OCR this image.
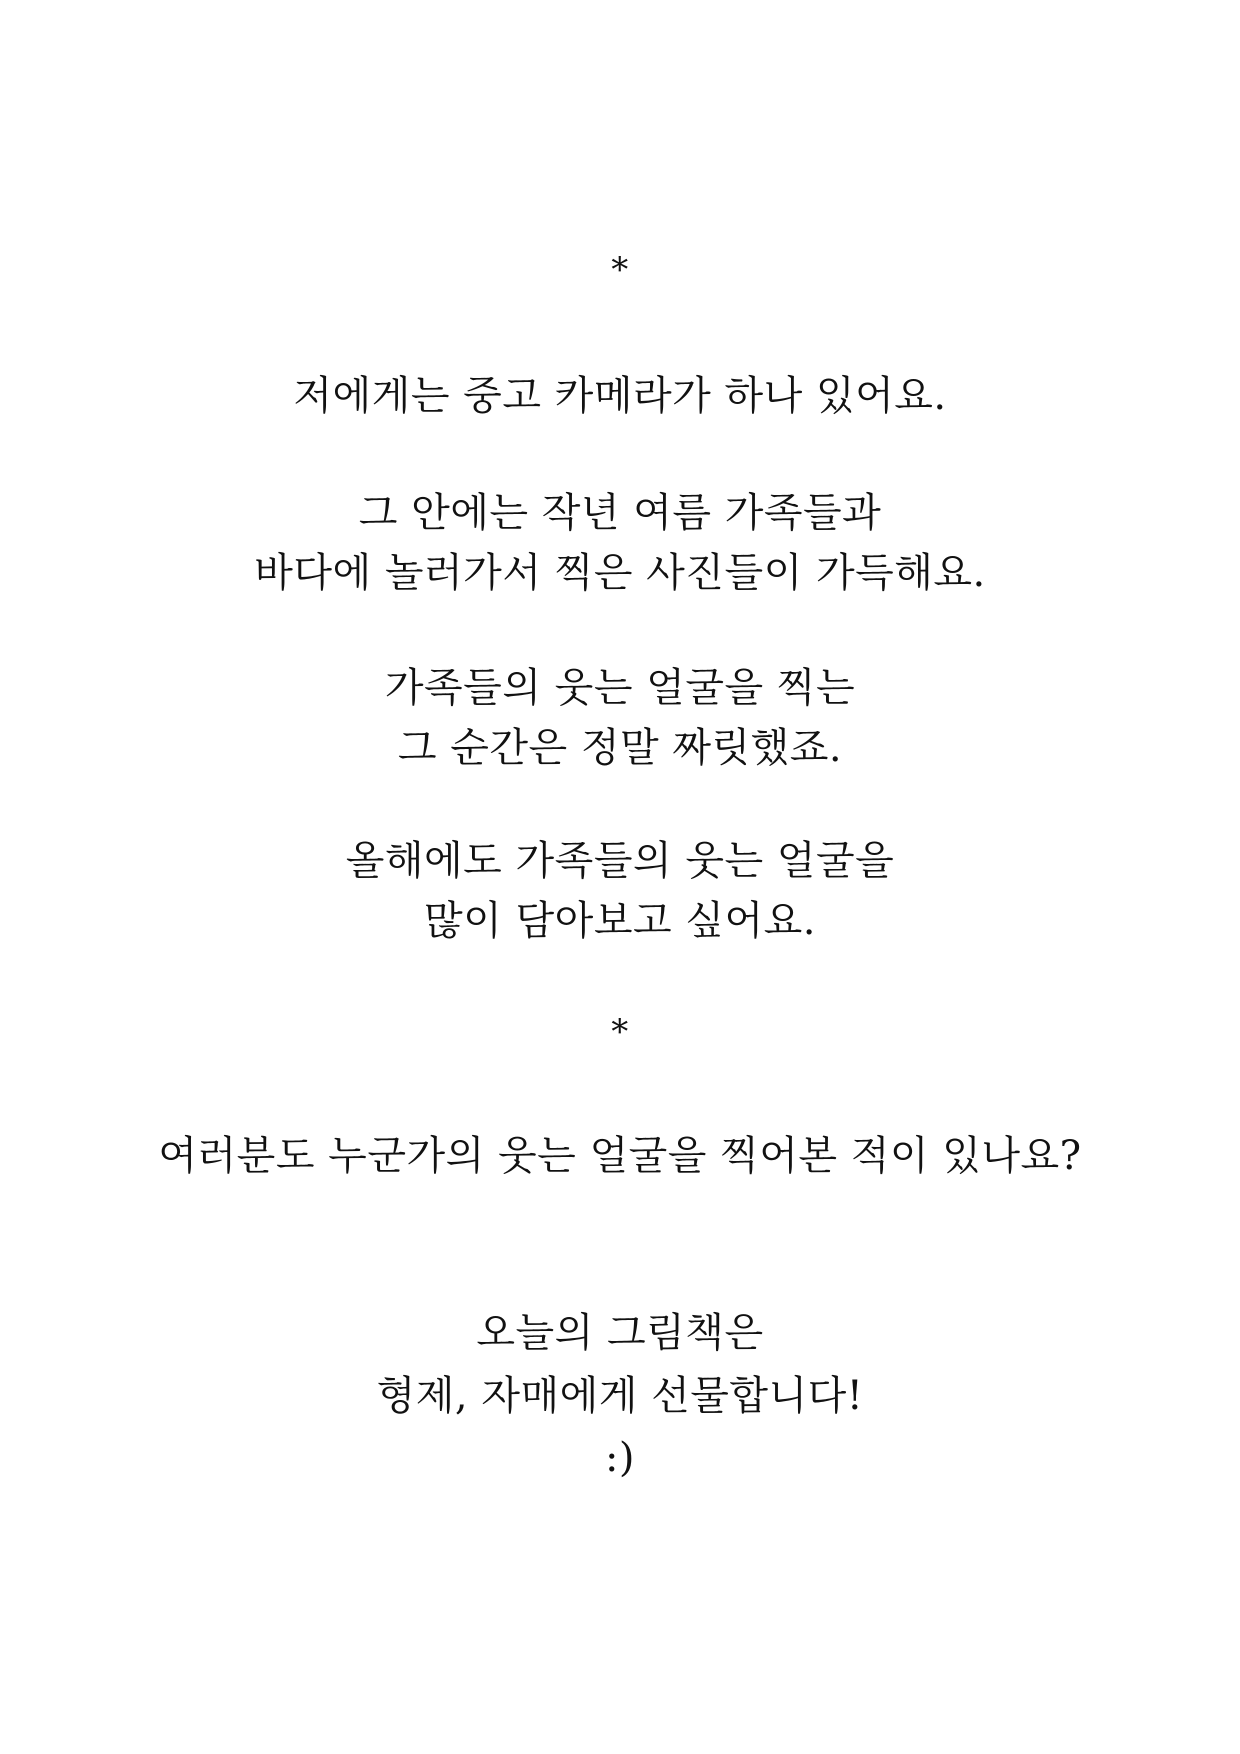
*
저에게는 중고 카메라가 하나 있어요.
그 안에는 작년 여름 가족들과
바다에 놀러가서 찍은 사진들이 가득해요.
가족들의 웃는 얼굴을 찍는
그 순간은 정말 짜릿했죠.
올해에도 가족들의 웃는 얼굴을
많이 담아보고 싶어요.
*
여러분도 누군가의 웃는 얼굴을 찍어본 적이 있나요?
오늘의 그림책은
형제, 자매에게 선물합니다!
:)
